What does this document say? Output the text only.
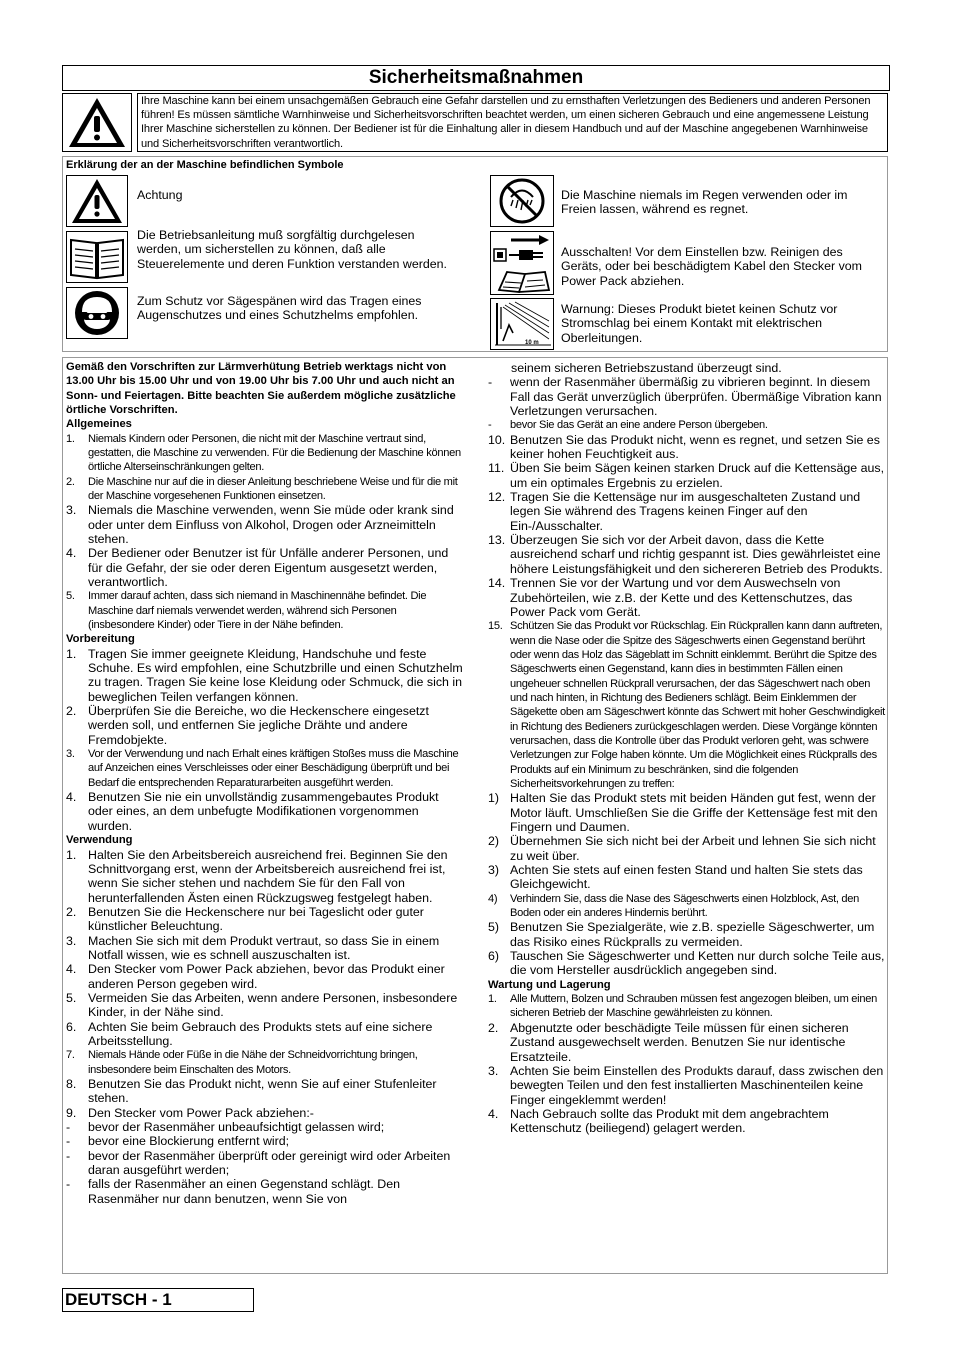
Sicherheitsmaßnahmen
Ihre Maschine kann bei einem unsachgemäßen Gebrauch eine Gefahr darstellen und zu ernsthaften Verletzungen des Bedieners und anderen Personen führen! Es müssen sämtliche Warnhinweise und Sicherheitsvorschriften beachtet werden, um einen sicheren Gebrauch und eine angemessene Leistung Ihrer Maschine sicherstellen zu können. Der Bediener ist für die Einhaltung aller in diesem Handbuch und auf der Maschine angegebenen Warnhinweise und Sicherheitsvorschriften verantwortlich.
Erklärung der an der Maschine befindlichen Symbole
Achtung
Die Betriebsanleitung muß sorgfältig durchgelesen werden, um sicherstellen zu können, daß alle Steuerelemente und deren Funktion verstanden werden.
Zum Schutz vor Sägespänen wird das Tragen eines Augenschutzes und eines Schutzhelms empfohlen.
Die Maschine niemals im Regen verwenden oder im Freien lassen, während es regnet.
Ausschalten! Vor dem Einstellen bzw. Reinigen des Geräts, oder bei beschädigtem Kabel den Stecker vom Power Pack abziehen.
10 m
Warnung: Dieses Produkt bietet keinen Schutz vor Stromschlag bei einem Kontakt mit elektrischen Oberleitungen.
Gemäß den Vorschriften zur Lärmverhütung Betrieb werktags nicht von 13.00 Uhr bis 15.00 Uhr und von 19.00 Uhr bis 7.00 Uhr und auch nicht an Sonn- und Feiertagen. Bitte beachten Sie außerdem mögliche zusätzliche örtliche Vorschriften.
Allgemeines
1. Niemals Kindern oder Personen, die nicht mit der Maschine vertraut sind, gestatten, die Maschine zu verwenden. Für die Bedienung der Maschine können örtliche Alterseinschränkungen gelten.
2. Die Maschine nur auf die in dieser Anleitung beschriebene Weise und für die mit der Maschine vorgesehenen Funktionen einsetzen.
3. Niemals die Maschine verwenden, wenn Sie müde oder krank sind oder unter dem Einfluss von Alkohol, Drogen oder Arzneimitteln stehen.
4. Der Bediener oder Benutzer ist für Unfälle anderer Personen, und für die Gefahr, der sie oder deren Eigentum ausgesetzt werden, verantwortlich.
5. Immer darauf achten, dass sich niemand in Maschinennähe befindet. Die Maschine darf niemals verwendet werden, während sich Personen (insbesondere Kinder) oder Tiere in der Nähe befinden.
Vorbereitung
1. Tragen Sie immer geeignete Kleidung, Handschuhe und feste Schuhe. Es wird empfohlen, eine Schutzbrille und einen Schutzhelm zu tragen. Tragen Sie keine lose Kleidung oder Schmuck, die sich in beweglichen Teilen verfangen können.
2. Überprüfen Sie die Bereiche, wo die Heckenschere eingesetzt werden soll, und entfernen Sie jegliche Drähte und andere Fremdobjekte.
3. Vor der Verwendung und nach Erhalt eines kräftigen Stoßes muss die Maschine auf Anzeichen eines Verschleisses oder einer Beschädigung überprüft und bei Bedarf die entsprechenden Reparaturarbeiten ausgeführt werden.
4. Benutzen Sie nie ein unvollständig zusammengebautes Produkt oder eines, an dem unbefugte Modifikationen vorgenommen wurden.
Verwendung
1. Halten Sie den Arbeitsbereich ausreichend frei. Beginnen Sie den Schnittvorgang erst, wenn der Arbeitsbereich ausreichend frei ist, wenn Sie sicher stehen und nachdem Sie für den Fall von herunterfallenden Ästen einen Rückzugsweg festgelegt haben.
2. Benutzen Sie die Heckenschere nur bei Tageslicht oder guter künstlicher Beleuchtung.
3. Machen Sie sich mit dem Produkt vertraut, so dass Sie in einem Notfall wissen, wie es schnell auszuschalten ist.
4. Den Stecker vom Power Pack abziehen, bevor das Produkt einer anderen Person gegeben wird.
5. Vermeiden Sie das Arbeiten, wenn andere Personen, insbesondere Kinder, in der Nähe sind.
6. Achten Sie beim Gebrauch des Produkts stets auf eine sichere Arbeitsstellung.
7. Niemals Hände oder Füße in die Nähe der Schneidvorrichtung bringen, insbesondere beim Einschalten des Motors.
8. Benutzen Sie das Produkt nicht, wenn Sie auf einer Stufenleiter stehen.
9. Den Stecker vom Power Pack abziehen:-
- bevor der Rasenmäher unbeaufsichtigt gelassen wird;
- bevor eine Blockierung entfernt wird;
- bevor der Rasenmäher überprüft oder gereinigt wird oder Arbeiten daran ausgeführt werden;
- falls der Rasenmäher an einen Gegenstand schlägt. Den Rasenmäher nur dann benutzen, wenn Sie von
seinem sicheren Betriebszustand überzeugt sind.
- wenn der Rasenmäher übermäßig zu vibrieren beginnt. In diesem Fall das Gerät unverzüglich überprüfen. Übermäßige Vibration kann Verletzungen verursachen.
- bevor Sie das Gerät an eine andere Person übergeben.
10. Benutzen Sie das Produkt nicht, wenn es regnet, und setzen Sie es keiner hohen Feuchtigkeit aus.
11. Üben Sie beim Sägen keinen starken Druck auf die Kettensäge aus, um ein optimales Ergebnis zu erzielen.
12. Tragen Sie die Kettensäge nur im ausgeschalteten Zustand und legen Sie während des Tragens keinen Finger auf den Ein-/Ausschalter.
13. Überzeugen Sie sich vor der Arbeit davon, dass die Kette ausreichend scharf und richtig gespannt ist. Dies gewährleistet eine höhere Leistungsfähigkeit und den sichereren Betrieb des Produkts.
14. Trennen Sie vor der Wartung und vor dem Auswechseln von Zubehörteilen, wie z.B. der Kette und des Kettenschutzes, das Power Pack vom Gerät.
15. Schützen Sie das Produkt vor Rückschlag. Ein Rückprallen kann dann auftreten, wenn die Nase oder die Spitze des Sägeschwerts einen Gegenstand berührt oder wenn das Holz das Sägeblatt im Schnitt einklemmt. Berührt die Spitze des Sägeschwerts einen Gegenstand, kann dies in bestimmten Fällen einen ungeheuer schnellen Rückprall verursachen, der das Sägeschwert nach oben und nach hinten, in Richtung des Bedieners schlägt. Beim Einklemmen der Sägekette oben am Sägeschwert könnte das Schwert mit hoher Geschwindigkeit in Richtung des Bedieners zurückgeschlagen werden. Diese Vorgänge könnten verursachen, dass die Kontrolle über das Produkt verloren geht, was schwere Verletzungen zur Folge haben könnte. Um die Möglichkeit eines Rückpralls des Produkts auf ein Minimum zu beschränken, sind die folgenden Sicherheitsvorkehrungen zu treffen:
1) Halten Sie das Produkt stets mit beiden Händen gut fest, wenn der Motor läuft. Umschließen Sie die Griffe der Kettensäge fest mit den Fingern und Daumen.
2) Übernehmen Sie sich nicht bei der Arbeit und lehnen Sie sich nicht zu weit über.
3) Achten Sie stets auf einen festen Stand und halten Sie stets das Gleichgewicht.
4) Verhindern Sie, dass die Nase des Sägeschwerts einen Holzblock, Ast, den Boden oder ein anderes Hindernis berührt.
5) Benutzen Sie Spezialgeräte, wie z.B. spezielle Sägeschwerter, um das Risiko eines Rückpralls zu vermeiden.
6) Tauschen Sie Sägeschwerter und Ketten nur durch solche Teile aus, die vom Hersteller ausdrücklich angegeben sind.
Wartung und Lagerung
1. Alle Muttern, Bolzen und Schrauben müssen fest angezogen bleiben, um einen sicheren Betrieb der Maschine gewährleisten zu können.
2. Abgenutzte oder beschädigte Teile müssen für einen sicheren Zustand ausgewechselt werden. Benutzen Sie nur identische Ersatzteile.
3. Achten Sie beim Einstellen des Produkts darauf, dass zwischen den bewegten Teilen und den fest installierten Maschinenteilen keine Finger eingeklemmt werden!
4. Nach Gebrauch sollte das Produkt mit dem angebrachtem Kettenschutz (beiliegend) gelagert werden.
DEUTSCH - 1
